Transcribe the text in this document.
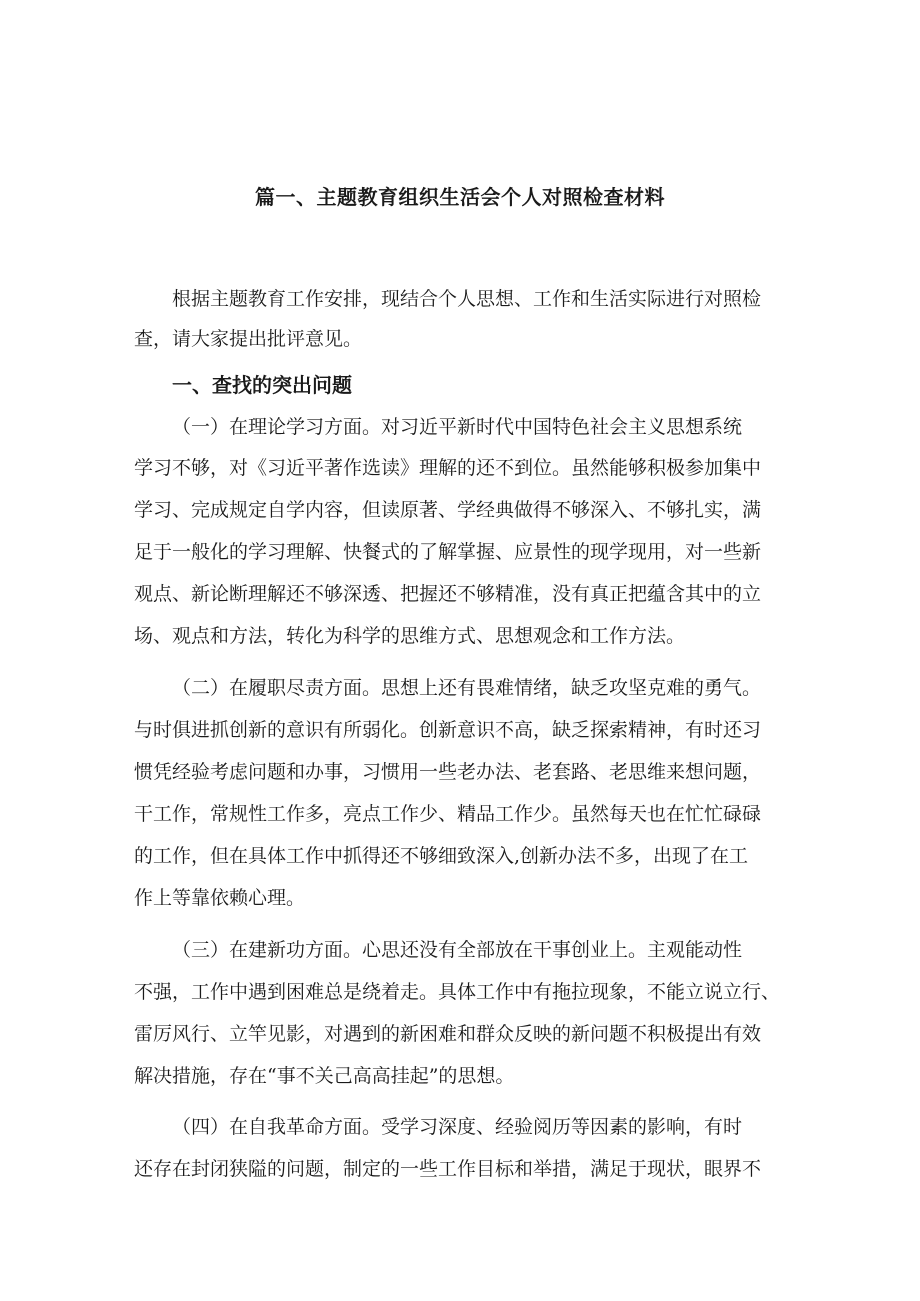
篇一、主题教育组织生活会个人对照检查材料
根据主题教育工作安排，现结合个人思想、工作和生活实际进行对照检
查，请大家提出批评意见。
一、查找的突出问题
（一）在理论学习方面。对习近平新时代中国特色社会主义思想系统
学习不够，对《习近平著作选读》理解的还不到位。虽然能够积极参加集中
学习、完成规定自学内容，但读原著、学经典做得不够深入、不够扎实，满
足于一般化的学习理解、快餐式的了解掌握、应景性的现学现用，对一些新
观点、新论断理解还不够深透、把握还不够精准，没有真正把蕴含其中的立
场、观点和方法，转化为科学的思维方式、思想观念和工作方法。
（二）在履职尽责方面。思想上还有畏难情绪，缺乏攻坚克难的勇气。
与时俱进抓创新的意识有所弱化。创新意识不高，缺乏探索精神，有时还习
惯凭经验考虑问题和办事，习惯用一些老办法、老套路、老思维来想问题，
干工作，常规性工作多，亮点工作少、精品工作少。虽然每天也在忙忙碌碌
的工作，但在具体工作中抓得还不够细致深入,创新办法不多，出现了在工
作上等靠依赖心理。
（三）在建新功方面。心思还没有全部放在干事创业上。主观能动性
不强，工作中遇到困难总是绕着走。具体工作中有拖拉现象，不能立说立行、
雷厉风行、立竿见影，对遇到的新困难和群众反映的新问题不积极提出有效
解决措施，存在“事不关己高高挂起”的思想。
（四）在自我革命方面。受学习深度、经验阅历等因素的影响，有时
还存在封闭狭隘的问题，制定的一些工作目标和举措，满足于现状，眼界不
